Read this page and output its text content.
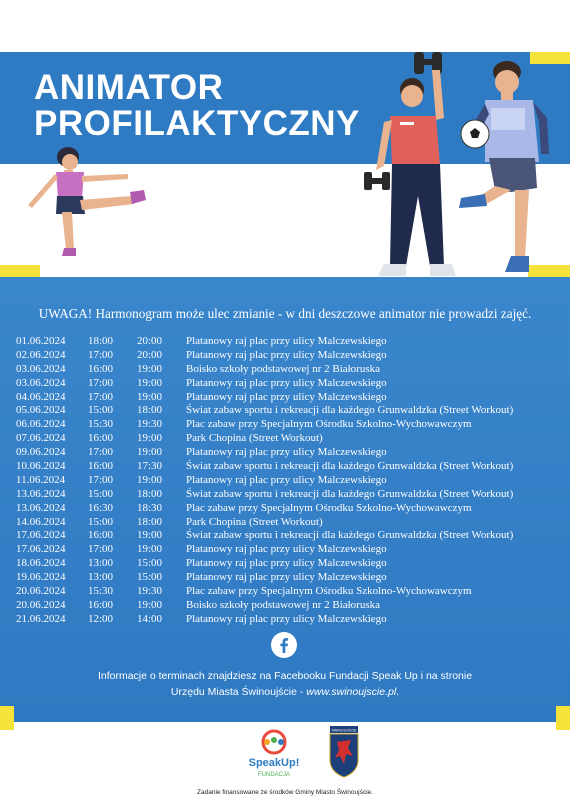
ANIMATOR
PROFILAKTYCZNY

UWAGA! Harmonogram może ulec zmianie - w dni deszczowe animator nie prowadzi zajęć.

01.06.2024	18:00	20:00	Platanowy raj plac przy ulicy Malczewskiego
02.06.2024	17:00	20:00	Platanowy raj plac przy ulicy Malczewskiego
03.06.2024	16:00	19:00	Boisko szkoły podstawowej nr 2 Białoruska
03.06.2024	17:00	19:00	Platanowy raj plac przy ulicy Malczewskiego
04.06.2024	17:00	19:00	Platanowy raj plac przy ulicy Malczewskiego
05.06.2024	15:00	18:00	Świat zabaw sportu i rekreacji dla każdego Grunwaldzka (Street Workout)
06.06.2024	15:30	19:30	Plac zabaw przy Specjalnym Ośrodku Szkolno-Wychowawczym
07.06.2024	16:00	19:00	Park Chopina (Street Workout)
09.06.2024	17:00	19:00	Platanowy raj plac przy ulicy Malczewskiego
10.06.2024	16:00	17:30	Świat zabaw sportu i rekreacji dla każdego Grunwaldzka (Street Workout)
11.06.2024	17:00	19:00	Platanowy raj plac przy ulicy Malczewskiego
13.06.2024	15:00	18:00	Świat zabaw sportu i rekreacji dla każdego Grunwaldzka (Street Workout)
13.06.2024	16:30	18:30	Plac zabaw przy Specjalnym Ośrodku Szkolno-Wychowawczym
14.06.2024	15:00	18:00	Park Chopina (Street Workout)
17.06.2024	16:00	19:00	Świat zabaw sportu i rekreacji dla każdego Grunwaldzka (Street Workout)
17.06.2024	17:00	19:00	Platanowy raj plac przy ulicy Malczewskiego
18.06.2024	13:00	15:00	Platanowy raj plac przy ulicy Malczewskiego
19.06.2024	13:00	15:00	Platanowy raj plac przy ulicy Malczewskiego
20.06.2024	15:30	19:30	Plac zabaw przy Specjalnym Ośrodku Szkolno-Wychowawczym
20.06.2024	16:00	19:00	Boisko szkoły podstawowej nr 2 Białoruska
21.06.2024	12:00	14:00	Platanowy raj plac przy ulicy Malczewskiego

Informacje o terminach znajdziesz na Facebooku Fundacji Speak Up i na stronie
Urzędu Miasta Świnoujście - www.swinoujscie.pl.

SpeakUp!
FUNDACJA
ŚWINOUJŚCIE

Zadanie finansowane ze środków Gminy Miasto Świnoujście.
